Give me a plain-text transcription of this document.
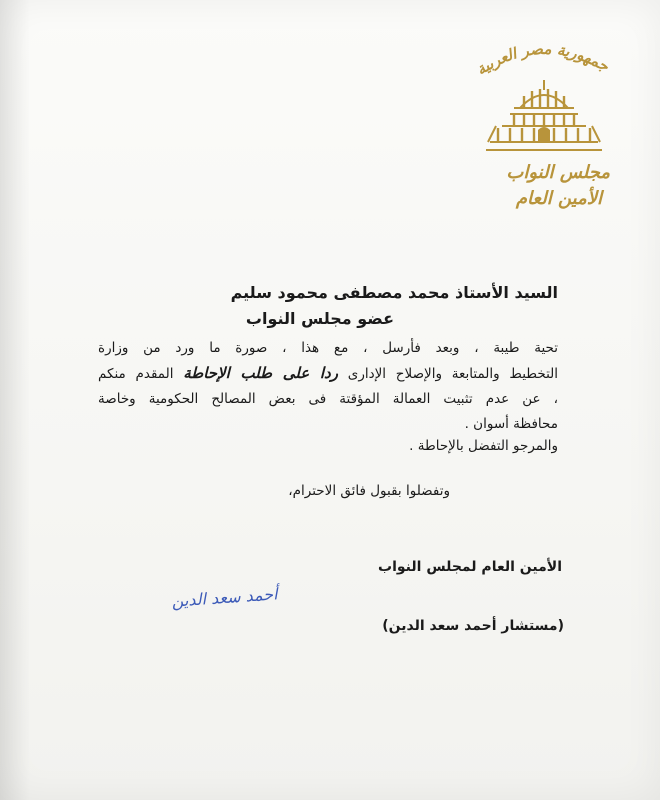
جمهورية مصر العربية
مجلس النواب
الأمين العام
السيد الأستاذ محمد مصطفى محمود سليم
عضو مجلس النواب
تحية طيبة ، وبعد فأرسل ، مع هذا ، صورة ما ورد من وزارة
التخطيط والمتابعة والإصلاح الإدارى ردا على طلب الإحاطة المقدم منكم
، عن عدم تثبيت العمالة المؤقتة فى بعض المصالح الحكومية وخاصة
محافظة أسوان .
والمرجو التفضل بالإحاطة .
وتفضلوا بقبول فائق الاحترام،
الأمين العام لمجلس النواب
أحمد سعد الدين
(مستشار أحمد سعد الدين)
